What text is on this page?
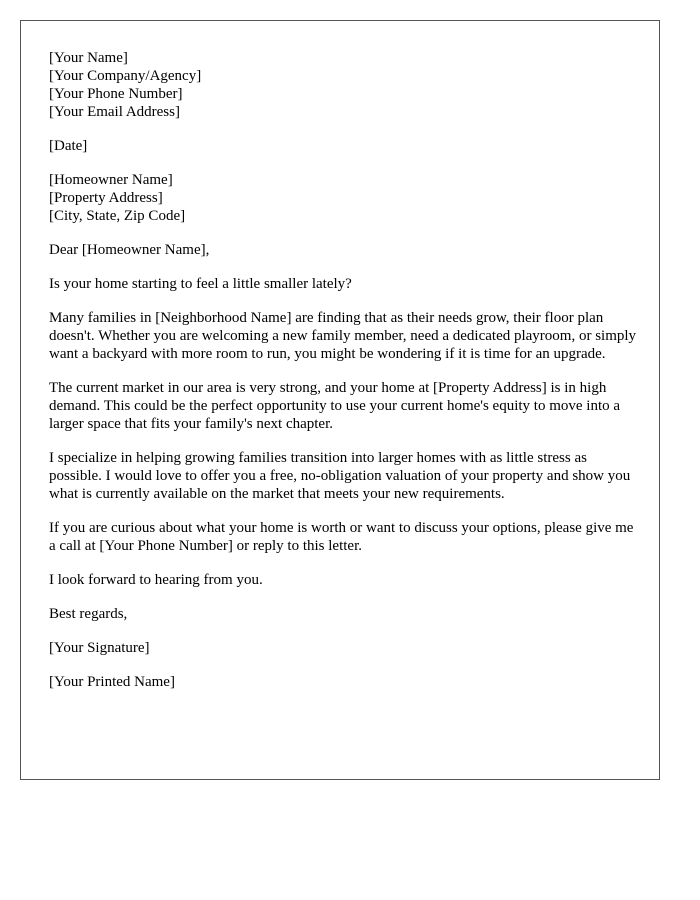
[Your Name]
[Your Company/Agency]
[Your Phone Number]
[Your Email Address]
[Date]
[Homeowner Name]
[Property Address]
[City, State, Zip Code]

Dear [Homeowner Name],

Is your home starting to feel a little smaller lately?

Many families in [Neighborhood Name] are finding that as their needs grow, their floor plan doesn't. Whether you are welcoming a new family member, need a dedicated playroom, or simply want a backyard with more room to run, you might be wondering if it is time for an upgrade.

The current market in our area is very strong, and your home at [Property Address] is in high demand. This could be the perfect opportunity to use your current home's equity to move into a larger space that fits your family's next chapter.

I specialize in helping growing families transition into larger homes with as little stress as possible. I would love to offer you a free, no-obligation valuation of your property and show you what is currently available on the market that meets your new requirements.

If you are curious about what your home is worth or want to discuss your options, please give me a call at [Your Phone Number] or reply to this letter.

I look forward to hearing from you.

Best regards,

[Your Signature]

[Your Printed Name]
